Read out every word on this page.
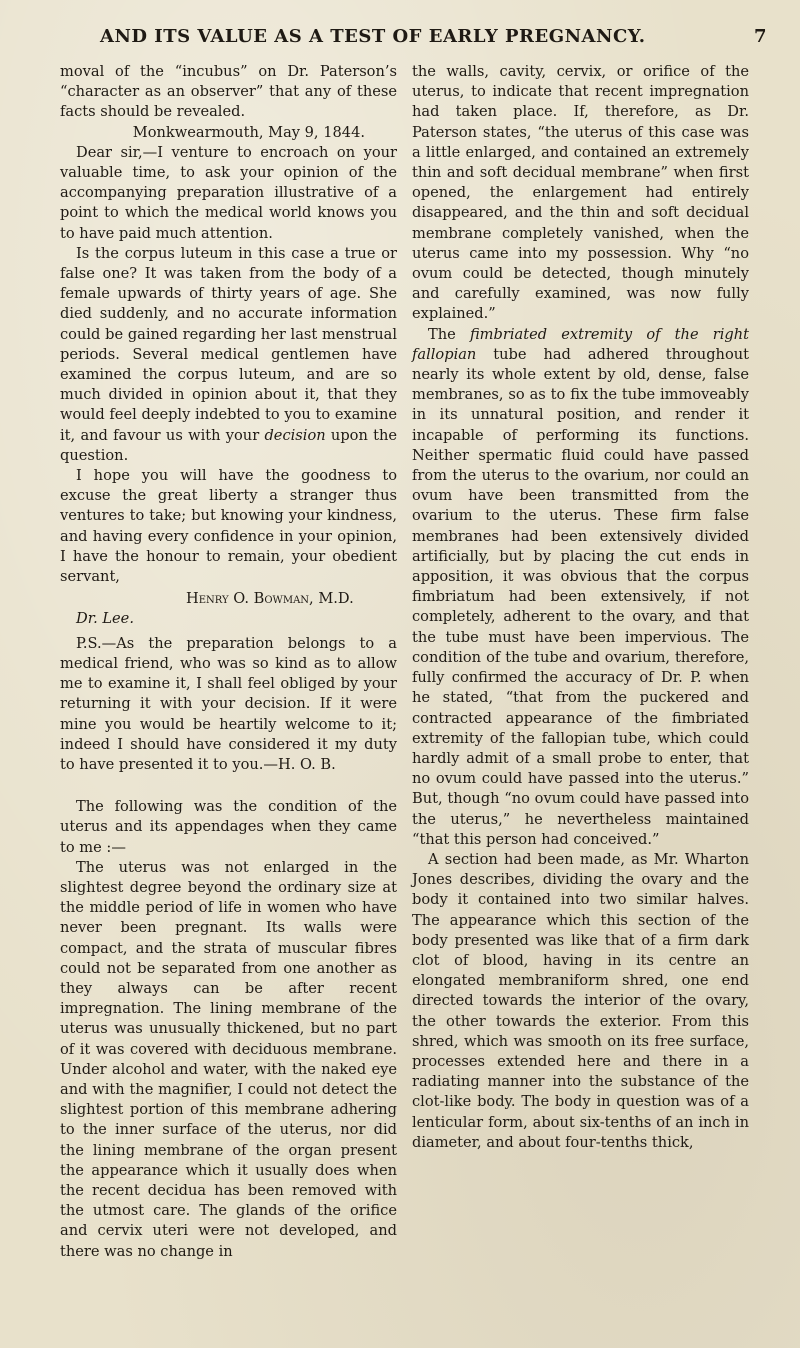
AND ITS VALUE AS A TEST OF EARLY PREGNANCY.	7

moval of the “incubus” on Dr. Paterson’s “character as an observer” that any of these facts should be revealed.

Monkwearmouth, May 9, 1844.

Dear sir,—I venture to encroach on your valuable time, to ask your opinion of the accompanying preparation illustrative of a point to which the medical world knows you to have paid much attention.

Is the corpus luteum in this case a true or false one? It was taken from the body of a female upwards of thirty years of age. She died suddenly, and no accurate information could be gained regarding her last menstrual periods. Several medical gentlemen have examined the corpus luteum, and are so much divided in opinion about it, that they would feel deeply indebted to you to examine it, and favour us with your decision upon the question.

I hope you will have the goodness to excuse the great liberty a stranger thus ventures to take; but knowing your kindness, and having every confidence in your opinion, I have the honour to remain, your obedient servant,

Henry O. Bowman, M.D.

Dr. Lee.

P.S.—As the preparation belongs to a medical friend, who was so kind as to allow me to examine it, I shall feel obliged by your returning it with your decision. If it were mine you would be heartily welcome to it; indeed I should have considered it my duty to have presented it to you.—H. O. B.

The following was the condition of the uterus and its appendages when they came to me :—

The uterus was not enlarged in the slightest degree beyond the ordinary size at the middle period of life in women who have never been pregnant. Its walls were compact, and the strata of muscular fibres could not be separated from one another as they always can be after recent impregnation. The lining membrane of the uterus was unusually thickened, but no part of it was covered with deciduous membrane. Under alcohol and water, with the naked eye and with the magnifier, I could not detect the slightest portion of this membrane adhering to the inner surface of the uterus, nor did the lining membrane of the organ present the appearance which it usually does when the recent decidua has been removed with the utmost care. The glands of the orifice and cervix uteri were not developed, and there was no change in

the walls, cavity, cervix, or orifice of the uterus, to indicate that recent impregnation had taken place. If, therefore, as Dr. Paterson states, “the uterus of this case was a little enlarged, and contained an extremely thin and soft decidual membrane” when first opened, the enlargement had entirely disappeared, and the thin and soft decidual membrane completely vanished, when the uterus came into my possession. Why “no ovum could be detected, though minutely and carefully examined, was now fully explained.”

The fimbriated extremity of the right fallopian tube had adhered throughout nearly its whole extent by old, dense, false membranes, so as to fix the tube immoveably in its unnatural position, and render it incapable of performing its functions. Neither spermatic fluid could have passed from the uterus to the ovarium, nor could an ovum have been transmitted from the ovarium to the uterus. These firm false membranes had been extensively divided artificially, but by placing the cut ends in apposition, it was obvious that the corpus fimbriatum had been extensively, if not completely, adherent to the ovary, and that the tube must have been impervious. The condition of the tube and ovarium, therefore, fully confirmed the accuracy of Dr. P. when he stated, “that from the puckered and contracted appearance of the fimbriated extremity of the fallopian tube, which could hardly admit of a small probe to enter, that no ovum could have passed into the uterus.” But, though “no ovum could have passed into the uterus,” he nevertheless maintained “that this person had conceived.”

A section had been made, as Mr. Wharton Jones describes, dividing the ovary and the body it contained into two similar halves. The appearance which this section of the body presented was like that of a firm dark clot of blood, having in its centre an elongated membraniform shred, one end directed towards the interior of the ovary, the other towards the exterior. From this shred, which was smooth on its free surface, processes extended here and there in a radiating manner into the substance of the clot-like body. The body in question was of a lenticular form, about six-tenths of an inch in diameter, and about four-tenths thick,
